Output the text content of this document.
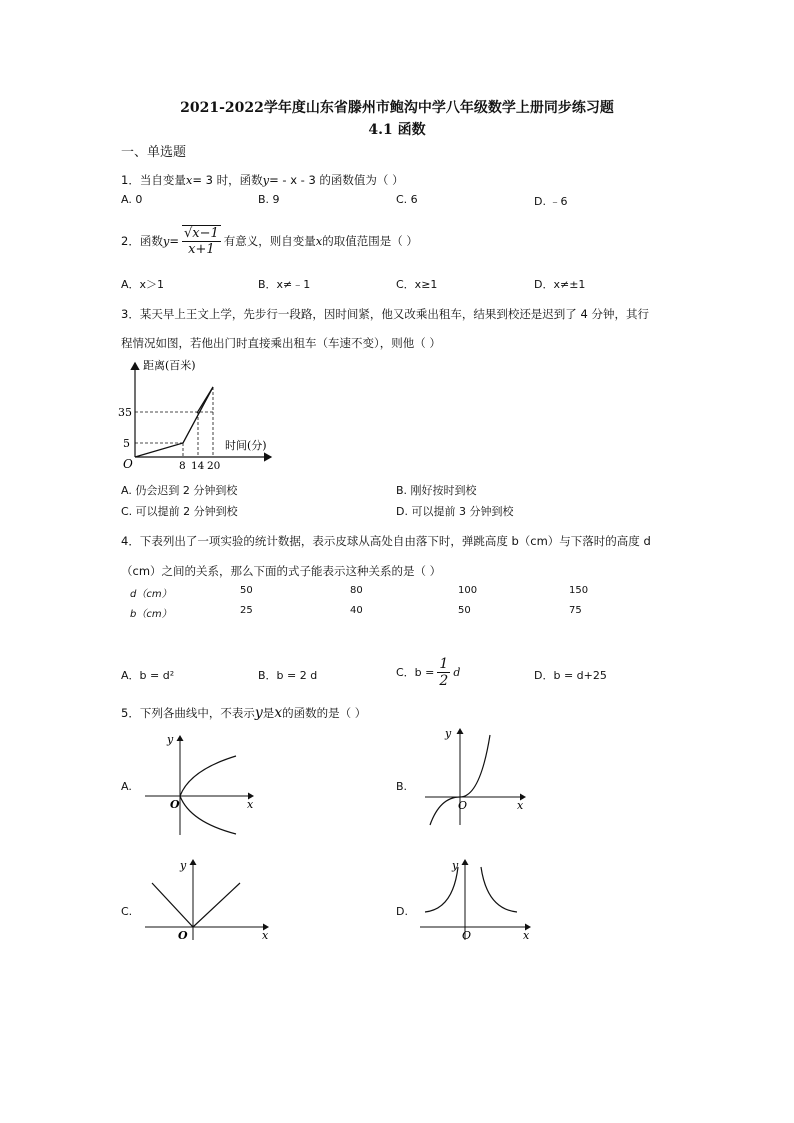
2021-2022学年度山东省滕州市鲍沟中学八年级数学上册同步练习题
4.1 函数
一、单选题
1．当自变量x= 3 时，函数y= - x - 3 的函数值为（ ）
A. 0	B. 9	C. 6	D. ﹣6
2．函数 $y = \frac{√x-1}{x+1}$ 有意义，则自变量 x 的取值范围是（ ）
A．x＞1	B．x≠﹣1	C．x≥1	D．x≠±1
3．某天早上王文上学，先步行一段路，因时间紧，他又改乘出租车，结果到校还是迟到了 4 分钟，其行
程情况如图，若他出门时直接乘出租车（车速不变），则他（ ）
距离(百米)
时间(分)
35
5
O	8 14 20
A. 仍会迟到 2 分钟到校	B. 刚好按时到校
C. 可以提前 2 分钟到校	D. 可以提前 3 分钟到校
4．下表列出了一项实验的统计数据，表示皮球从高处自由落下时，弹跳高度 b（cm）与下落时的高度 d
（cm）之间的关系，那么下面的式子能表示这种关系的是（ ）
d（cm）	50	80	100	150
b（cm）	25	40	50	75
A．b = d²	B．b = 2 d	C．$b = \frac{1}{2}$ d	D．b = d+25
5．下列各曲线中，不表示y是x的函数的是（ ）
A.
y
x
O
B.
y
x
O
C.
y
x
O
D.
y
x
O
